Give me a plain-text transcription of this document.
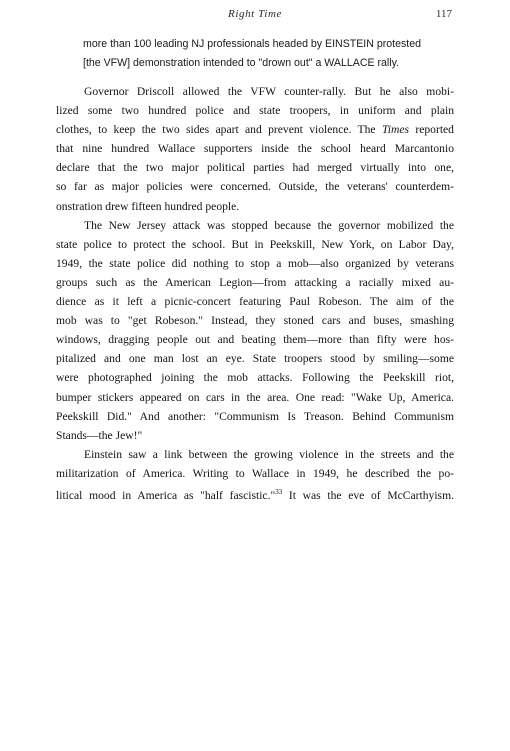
Right Time	117
more than 100 leading NJ professionals headed by EINSTEIN protested
[the VFW] demonstration intended to "drown out" a WALLACE rally.
Governor Driscoll allowed the VFW counter-rally. But he also mobi-
lized some two hundred police and state troopers, in uniform and plain
clothes, to keep the two sides apart and prevent violence. The Times reported
that nine hundred Wallace supporters inside the school heard Marcantonio
declare that the two major political parties had merged virtually into one,
so far as major policies were concerned. Outside, the veterans' counterdem-
onstration drew fifteen hundred people.
The New Jersey attack was stopped because the governor mobilized the
state police to protect the school. But in Peekskill, New York, on Labor Day,
1949, the state police did nothing to stop a mob—also organized by veterans
groups such as the American Legion—from attacking a racially mixed au-
dience as it left a picnic-concert featuring Paul Robeson. The aim of the
mob was to "get Robeson." Instead, they stoned cars and buses, smashing
windows, dragging people out and beating them—more than fifty were hos-
pitalized and one man lost an eye. State troopers stood by smiling—some
were photographed joining the mob attacks. Following the Peekskill riot,
bumper stickers appeared on cars in the area. One read: "Wake Up, America.
Peekskill Did." And another: "Communism Is Treason. Behind Communism
Stands—the Jew!"
Einstein saw a link between the growing violence in the streets and the
militarization of America. Writing to Wallace in 1949, he described the po-
litical mood in America as "half fascistic."$^{33}$ It was the eve of McCarthyism.
